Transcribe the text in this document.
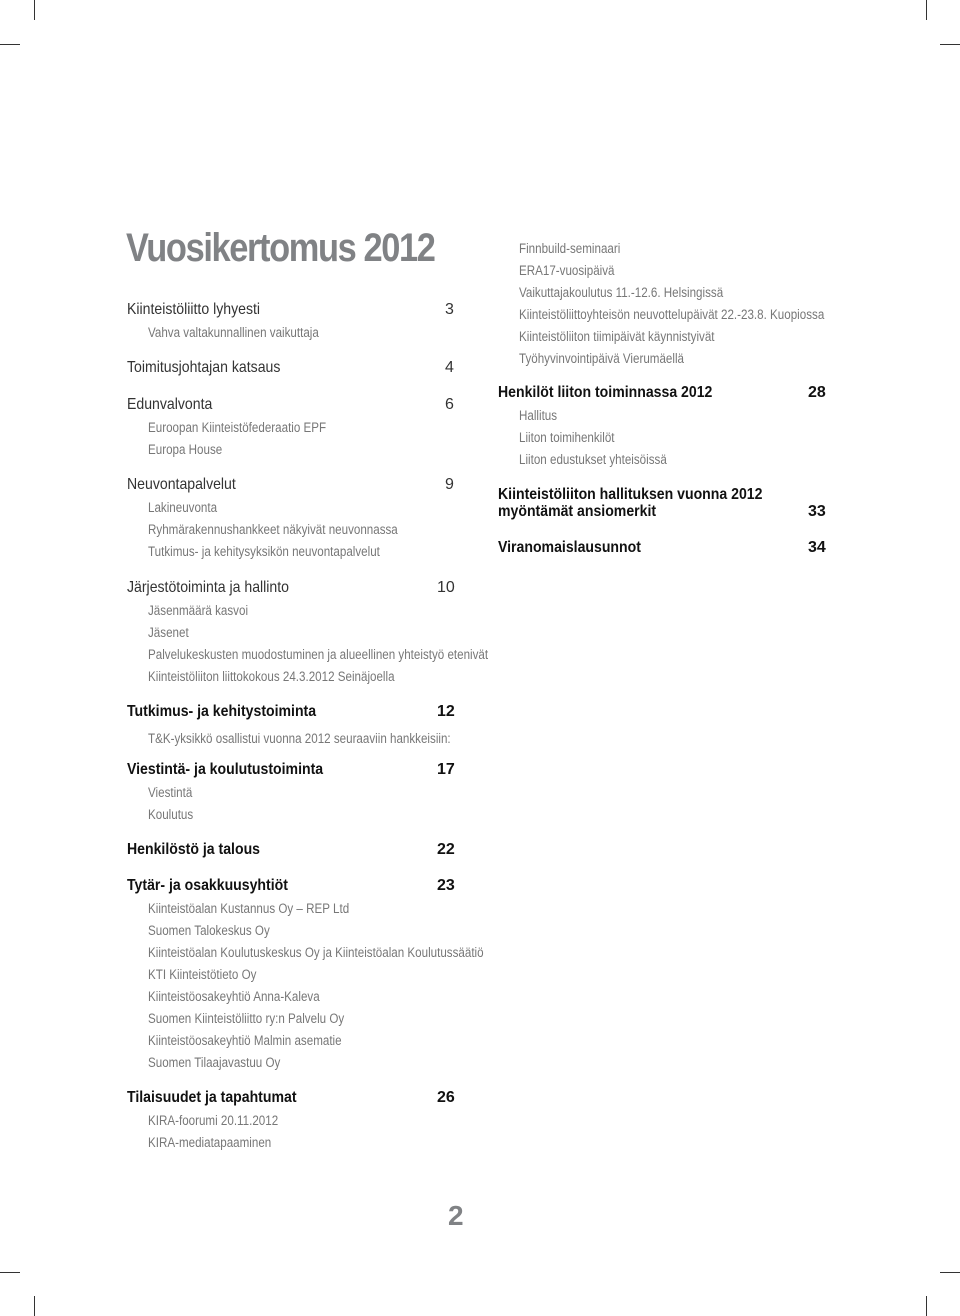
Vuosikertomus 2012
Kiinteistöliitto lyhyesti	3
Vahva valtakunnallinen vaikuttaja
Toimitusjohtajan katsaus	4
Edunvalvonta	6
Euroopan Kiinteistöfederaatio EPF
Europa House
Neuvontapalvelut	9
Lakineuvonta
Ryhmärakennushankkeet näkyivät neuvonnassa
Tutkimus- ja kehitysyksikön neuvontapalvelut
Järjestötoiminta ja hallinto	10
Jäsenmäärä kasvoi
Jäsenet
Palvelukeskusten muodostuminen ja alueellinen yhteistyö etenivät
Kiinteistöliiton liittokokous 24.3.2012 Seinäjoella
Tutkimus- ja kehitystoiminta	12
T&K-yksikkö osallistui vuonna 2012 seuraaviin hankkeisiin:
Viestintä- ja koulutustoiminta	17
Viestintä
Koulutus
Henkilöstö ja talous	22
Tytär- ja osakkuusyhtiöt	23
Kiinteistöalan Kustannus Oy – REP Ltd
Suomen Talokeskus Oy
Kiinteistöalan Koulutuskeskus Oy ja Kiinteistöalan Koulutussäätiö
KTI Kiinteistötieto Oy
Kiinteistöosakeyhtiö Anna-Kaleva
Suomen Kiinteistöliitto ry:n Palvelu Oy
Kiinteistöosakeyhtiö Malmin asematie
Suomen Tilaajavastuu Oy
Tilaisuudet ja tapahtumat	26
KIRA-foorumi 20.11.2012
KIRA-mediatapaaminen
Finnbuild-seminaari
ERA17-vuosipäivä
Vaikuttajakoulutus 11.-12.6. Helsingissä
Kiinteistöliittoyhteisön neuvottelupäivät 22.-23.8. Kuopiossa
Kiinteistöliiton tiimipäivät käynnistyivät
Työhyvinvointipäivä Vierumäellä
Henkilöt liiton toiminnassa 2012	28
Hallitus
Liiton toimihenkilöt
Liiton edustukset yhteisöissä
Kiinteistöliiton hallituksen vuonna 2012
myöntämät ansiomerkit	33
Viranomaislausunnot	34
2
